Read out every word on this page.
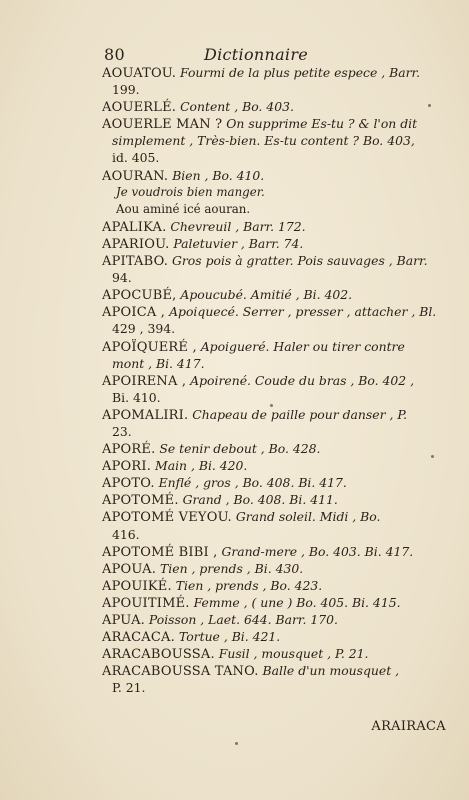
80	Dictionnaire
AOUATOU. Fourmi de la plus petite espece , Barr.
199.
AOUERLÉ. Content , Bo. 403.
AOUERLE MAN ? On supprime Es-tu ? & l'on dit
simplement , Très-bien. Es-tu content ? Bo. 403,
id. 405.
AOURAN. Bien , Bo. 410.
Je voudrois bien manger.
Aou aminé icé aouran.
APALIKA. Chevreuil , Barr. 172.
APARIOU. Paletuvier , Barr. 74.
APITABO. Gros pois à gratter. Pois sauvages , Barr.
94.
APOCUBÉ, Apoucubé. Amitié , Bi. 402.
APOICA , Apoiquecé. Serrer , presser , attacher , Bl.
429 , 394.
APOÏQUERÉ , Apoigueré. Haler ou tirer contre
mont , Bi. 417.
APOIRENA , Apoirené. Coude du bras , Bo. 402 ,
Bi. 410.
APOMALIRI. Chapeau de paille pour danser , P.
23.
APORÉ. Se tenir debout , Bo. 428.
APORI. Main , Bi. 420.
APOTO. Enflé , gros , Bo. 408. Bi. 417.
APOTOMÉ. Grand , Bo. 408. Bi. 411.
APOTOMÉ VEYOU. Grand soleil. Midi , Bo.
416.
APOTOMÉ BIBI , Grand-mere , Bo. 403. Bi. 417.
APOUA. Tien , prends , Bi. 430.
APOUIKÉ. Tien , prends , Bo. 423.
APOUITIMÉ. Femme , ( une ) Bo. 405. Bi. 415.
APUA. Poisson , Laet. 644. Barr. 170.
ARACACA. Tortue , Bi. 421.
ARACABOUSSA. Fusil , mousquet , P. 21.
ARACABOUSSA TANO. Balle d'un mousquet ,
P. 21.
ARAIRACA
